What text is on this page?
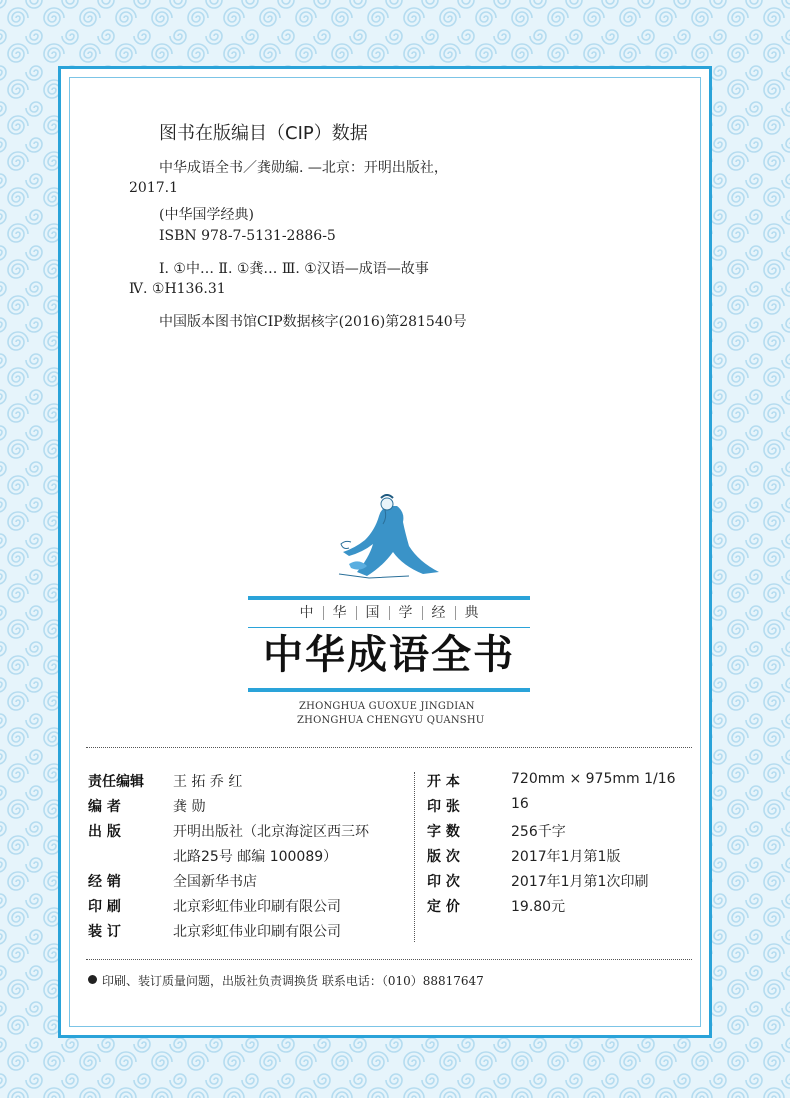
图书在版编目（CIP）数据
中华成语全书／龚勋编. —北京：开明出版社，
2017.1
(中华国学经典)
ISBN 978-7-5131-2886-5
Ⅰ. ①中… Ⅱ. ①龚… Ⅲ. ①汉语—成语—故事
Ⅳ. ①H136.31
中国版本图书馆CIP数据核字(2016)第281540号
中	华	国	学	经	典
中华成语全书
ZHONGHUA GUOXUE JINGDIAN
ZHONGHUA CHENGYU QUANSHU
责任编辑 王 拓 乔 红
编 者	龚 勋
出 版	开明出版社（北京海淀区西三环
北路25号 邮编 100089）
经 销	全国新华书店
印 刷	北京彩虹伟业印刷有限公司
装 订	北京彩虹伟业印刷有限公司
开 本	720mm × 975mm 1/16
印 张	16
字 数	256千字
版 次	2017年1月第1版
印 次	2017年1月第1次印刷
定 价	19.80元
印刷、装订质量问题，出版社负责调换货 联系电话：（010）88817647
